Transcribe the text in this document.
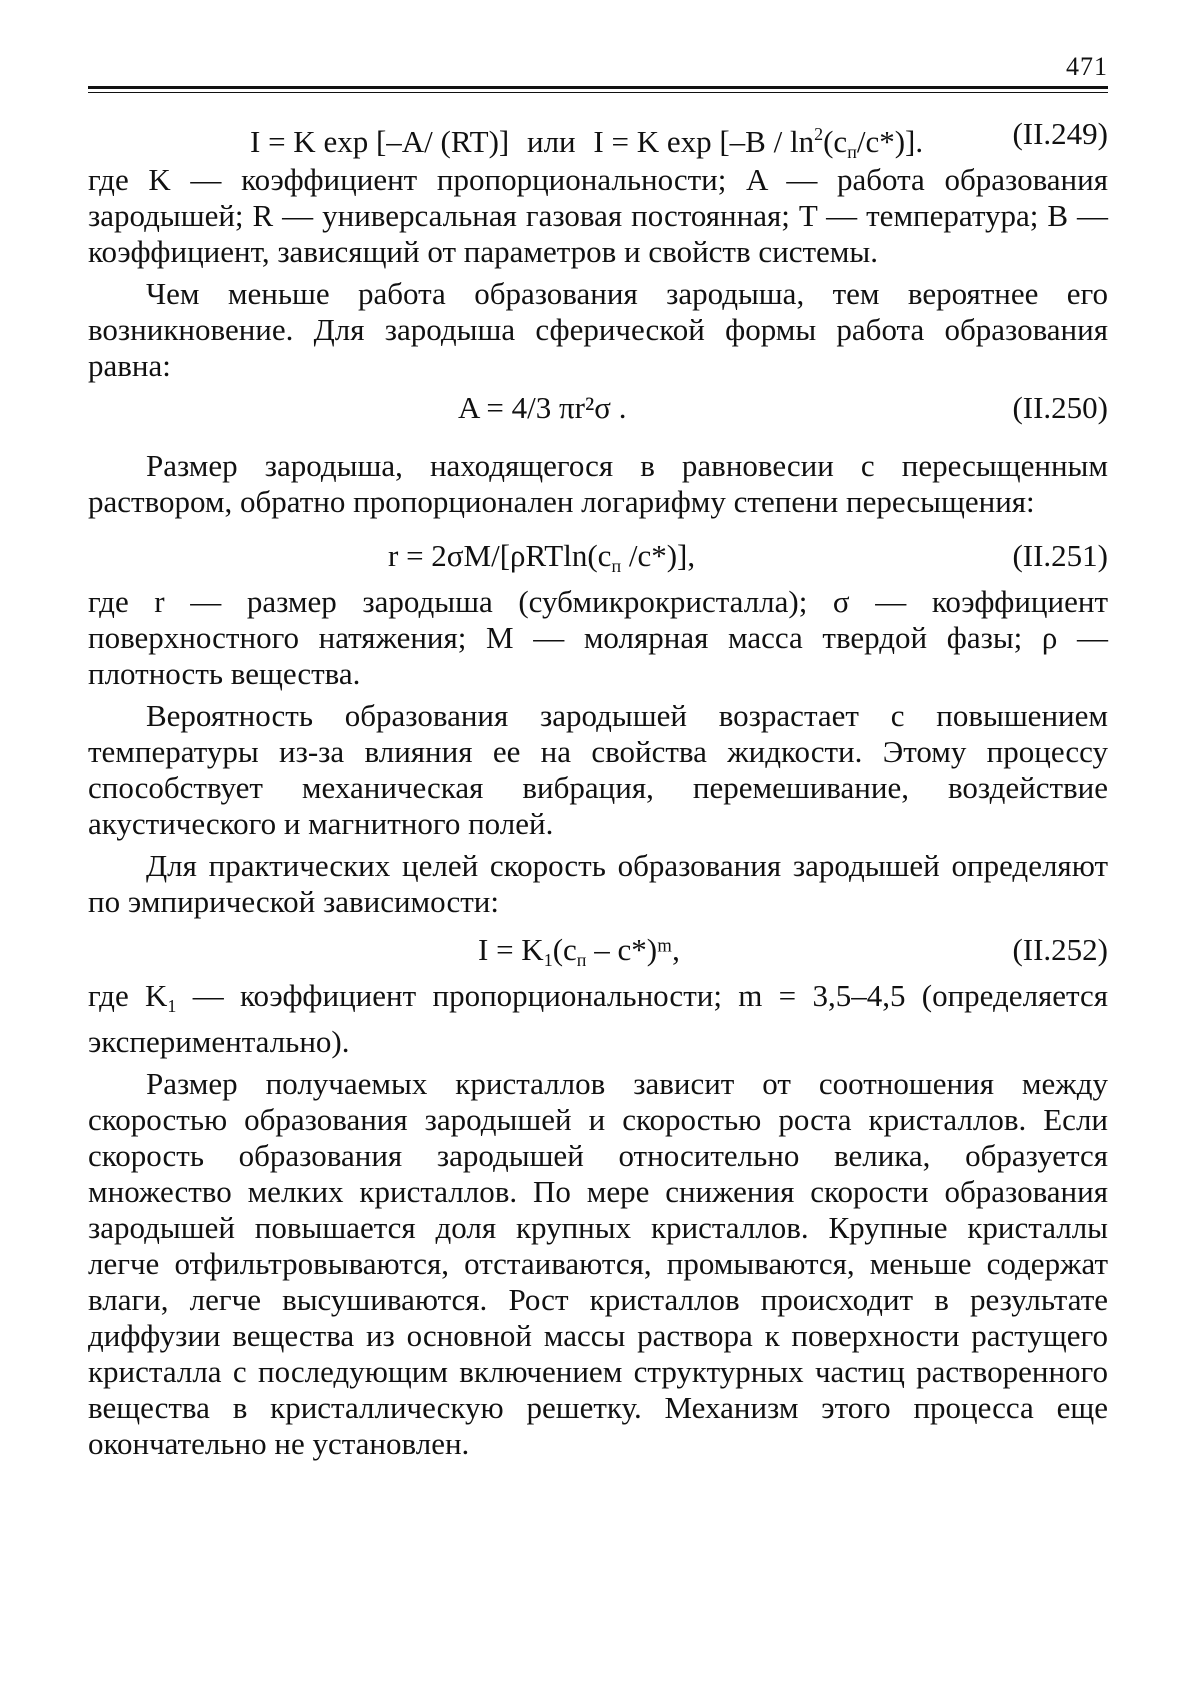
471
I = K exp [–A/ (RT)] или I = K $\exp [-B / \ln^2(c_п/c*)]$.	(II.249)

где K — коэффициент пропорциональности; A — работа образования зародышей; R — универсальная газовая постоянная; T — температура; B — коэффициент, зависящий от параметров и свойств системы.

Чем меньше работа образования зародыша, тем вероятнее его возникновение. Для зародыша сферической формы работа образования равна:

A = 4/3 πr²σ .	(II.250)

Размер зародыша, находящегося в равновесии с пересыщенным раствором, обратно пропорционален логарифму степени пересыщения:

$r = 2\sigma M/[\rho RTln(c_п$ /c*)],	(II.251)

где r — размер зародыша (субмикрокристалла); σ — коэффициент поверхностного натяжения; M — молярная масса твердой фазы; ρ — плотность вещества.

Вероятность образования зародышей возрастает с повышением температуры из-за влияния ее на свойства жидкости. Этому процессу способствует механическая вибрация, перемешивание, воздействие акустического и магнитного полей.

Для практических целей скорость образования зародышей определяют по эмпирической зависимости:

$I = K_1(c_п$ – c*)ᵐ,	(II.252)

где $K_1$ — коэффициент пропорциональности; m = 3,5–4,5 (определяется экспериментально).

Размер получаемых кристаллов зависит от соотношения между скоростью образования зародышей и скоростью роста кристаллов. Если скорость образования зародышей относительно велика, образуется множество мелких кристаллов. По мере снижения скорости образования зародышей повышается доля крупных кристаллов. Крупные кристаллы легче отфильтровываются, отстаиваются, промываются, меньше содержат влаги, легче высушиваются. Рост кристаллов происходит в результате диффузии вещества из основной массы раствора к поверхности растущего кристалла с последующим включением структурных частиц растворенного вещества в кристаллическую решетку. Механизм этого процесса еще окончательно не установлен.
